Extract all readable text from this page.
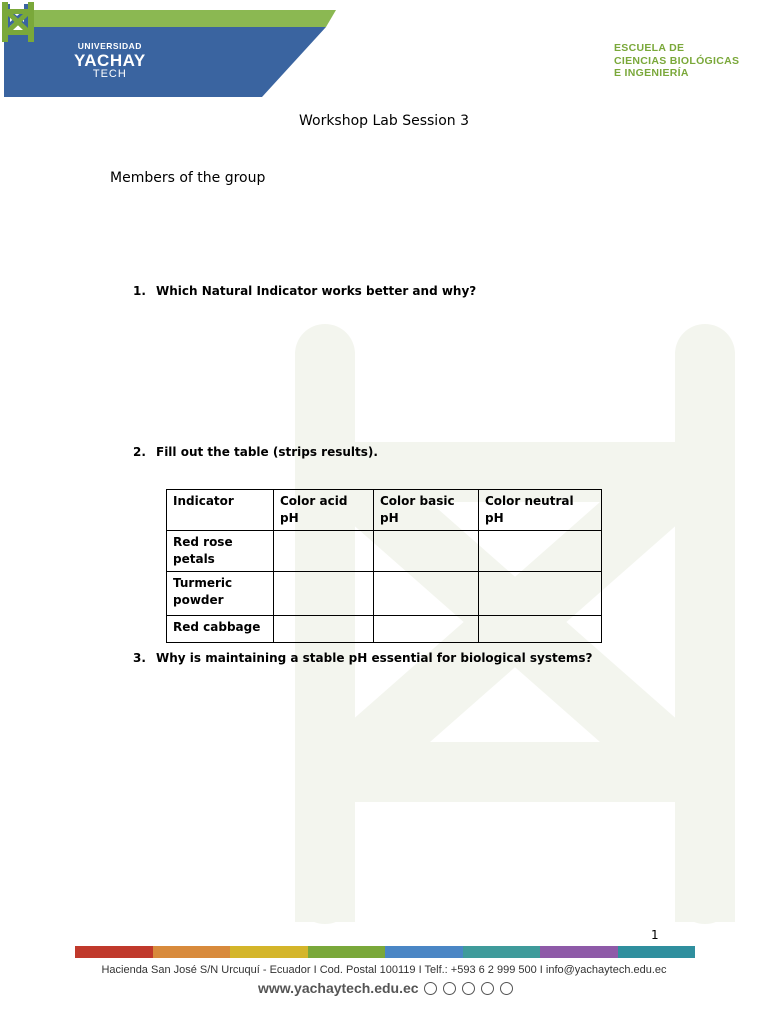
UNIVERSIDAD
YACHAY
TECH
ESCUELA DE
CIENCIAS BIOLÓGICAS
E INGENIERÍA
Workshop Lab Session 3
Members of the group
1. Which Natural Indicator works better and why?
2. Fill out the table (strips results).
Indicator	Color acid pH	Color basic pH	Color neutral pH
Red rose petals			
Turmeric powder			
Red cabbage			
3. Why is maintaining a stable pH essential for biological systems?
1
Hacienda San José S/N Urcuquí - Ecuador I Cod. Postal 100119 I Telf.: +593 6 2 999 500 I info@yachaytech.edu.ec
www.yachaytech.edu.ec
